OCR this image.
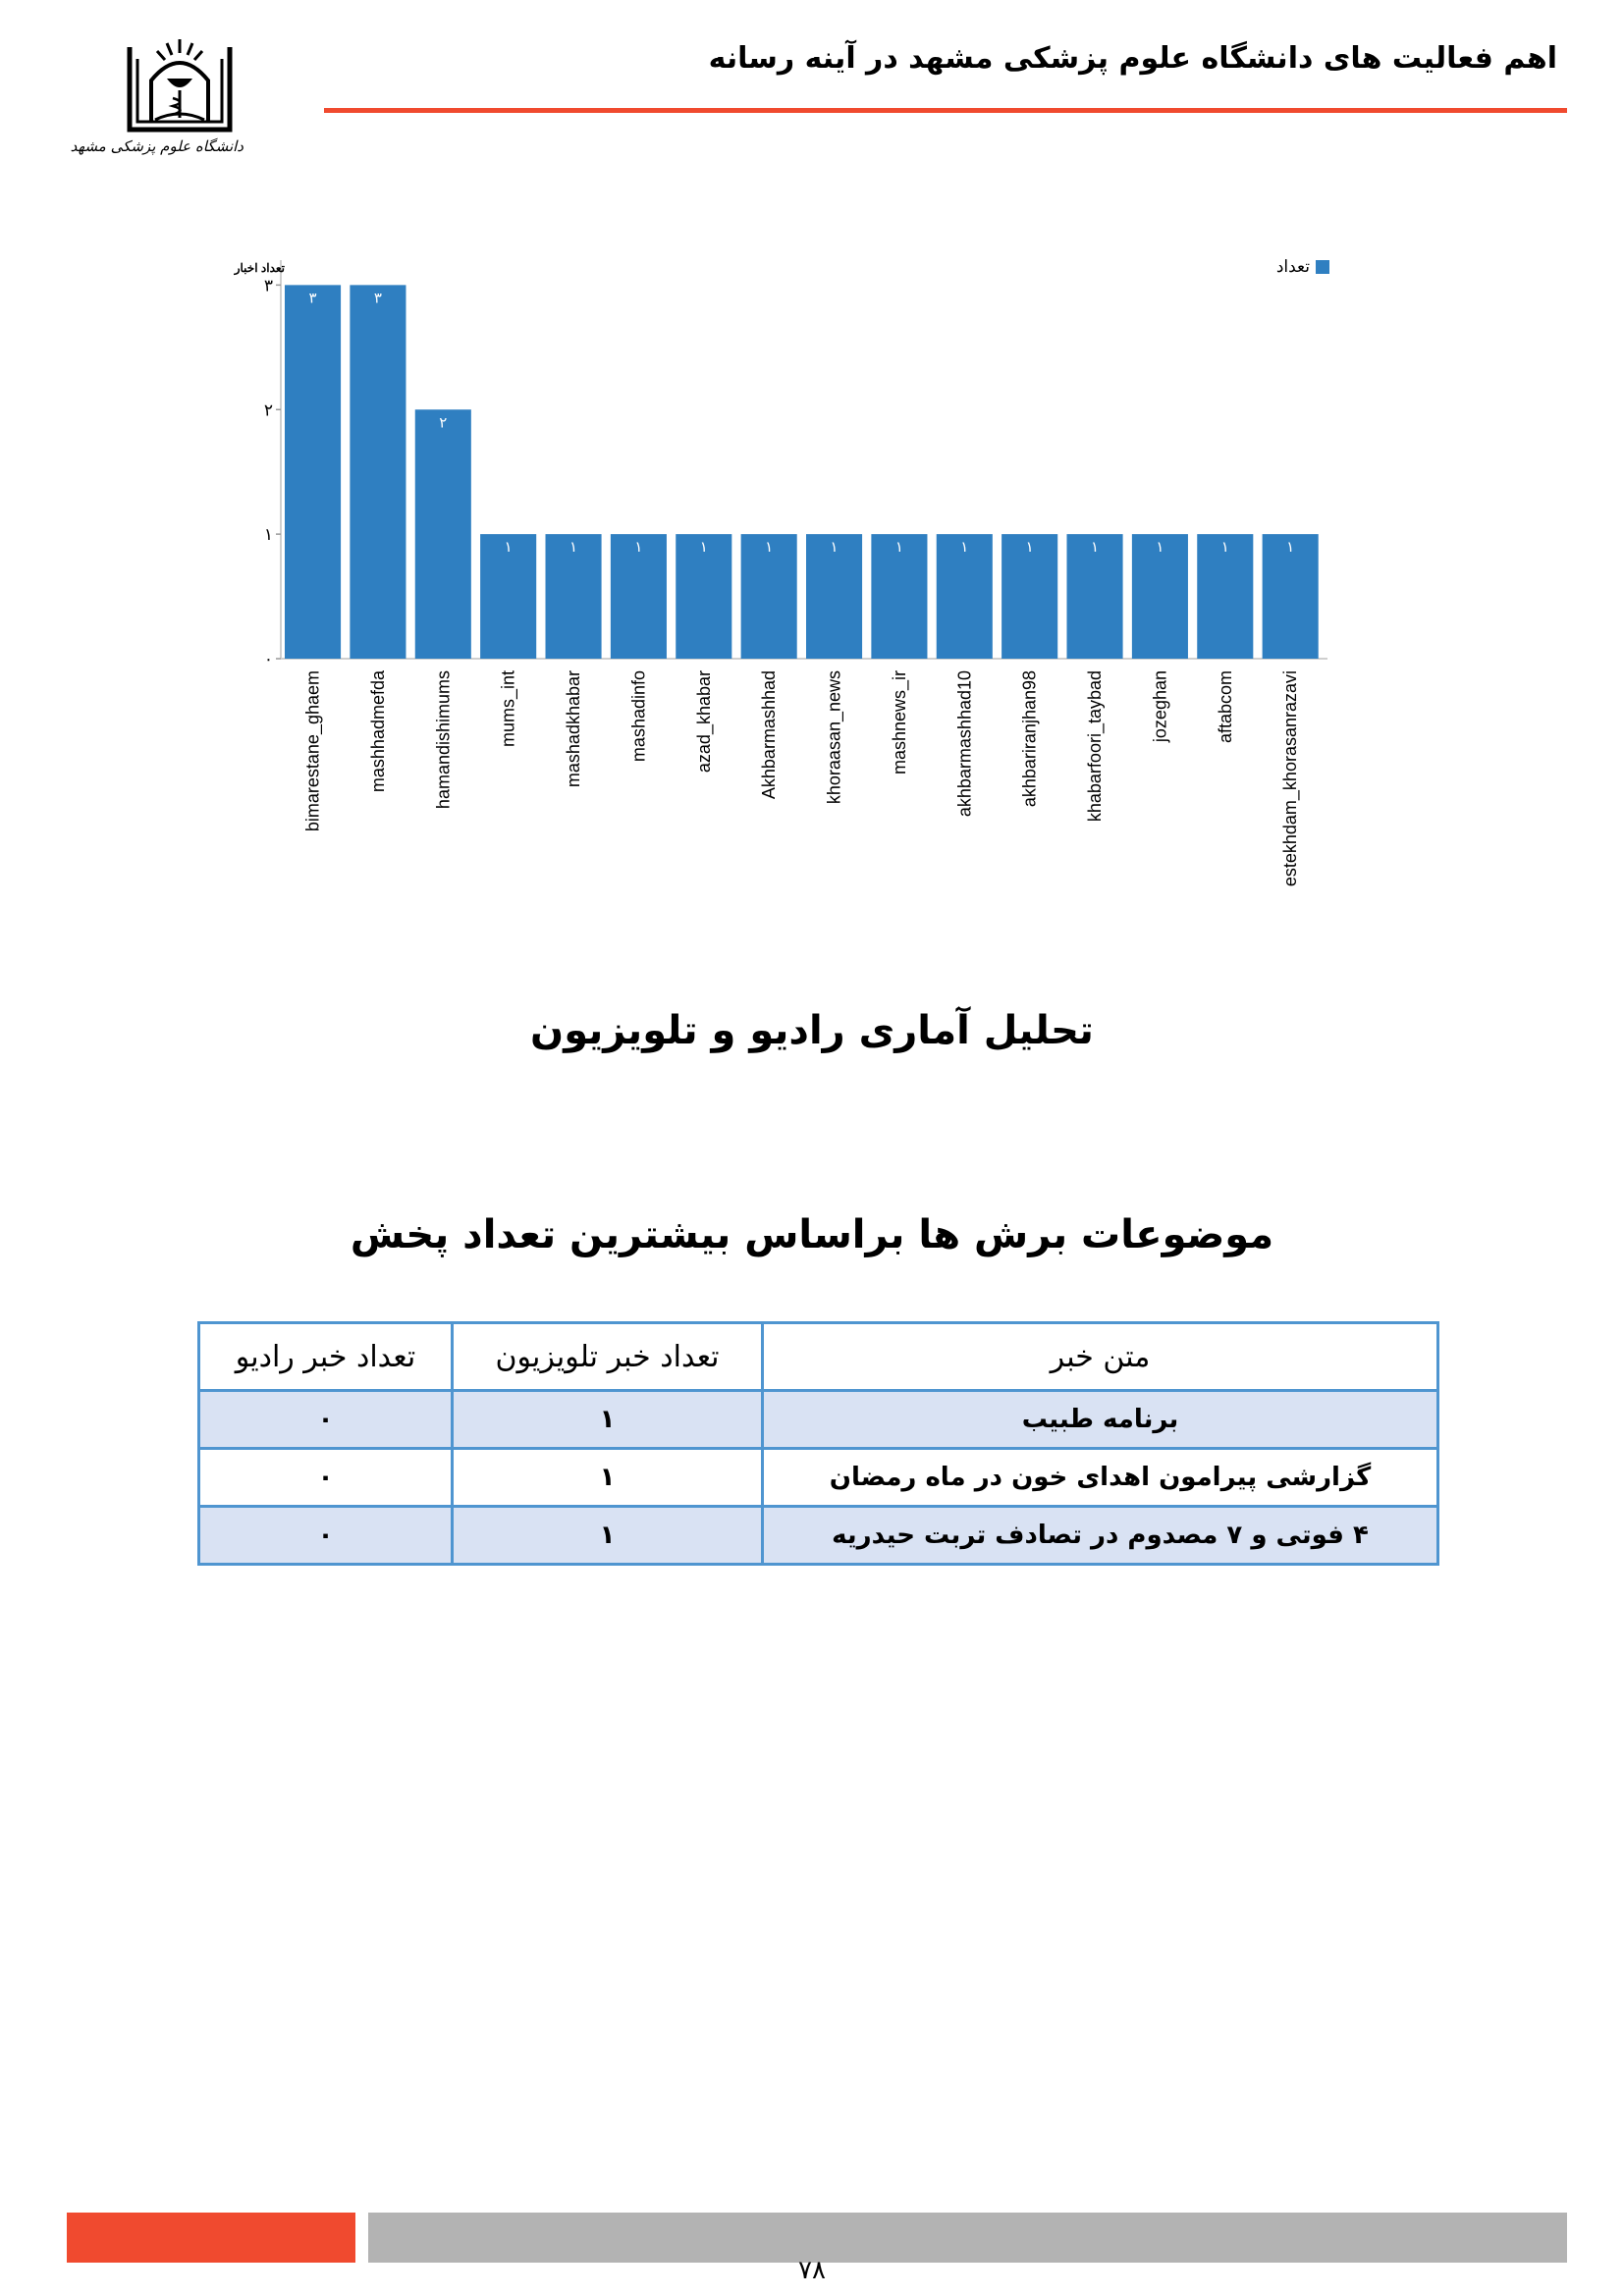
اهم فعالیت های دانشگاه علوم پزشکی مشهد در آینه رسانه
دانشگاه علوم پزشکی مشهد
۰
۱
۲
۳
تعداد اخبار	تعداد
۳
bimarestane_ghaem
۳
mashhadmefda
۲
hamandishimums
۱
mums_int
۱
mashadkhabar
۱
mashadinfo
۱
azad_khabar
۱
Akhbarmashhad
۱
khoraasan_news
۱
mashnews_ir
۱
akhbarmashhad10
۱
akhbariranjhan98
۱
khabarfoori_taybad
۱
jozeghan
۱
aftabcom
۱
estekhdam_khorasanrazavi
تحلیل آماری رادیو و تلویزیون
موضوعات برش ها براساس بیشترین تعداد پخش
متن خبر	تعداد خبر تلویزیون	تعداد خبر رادیو
برنامه طبیب	۱	۰
گزارشی پیرامون اهدای خون در ماه رمضان	۱	۰
۴ فوتی و ۷ مصدوم در تصادف تربت حیدریه	۱	۰
۷۸
